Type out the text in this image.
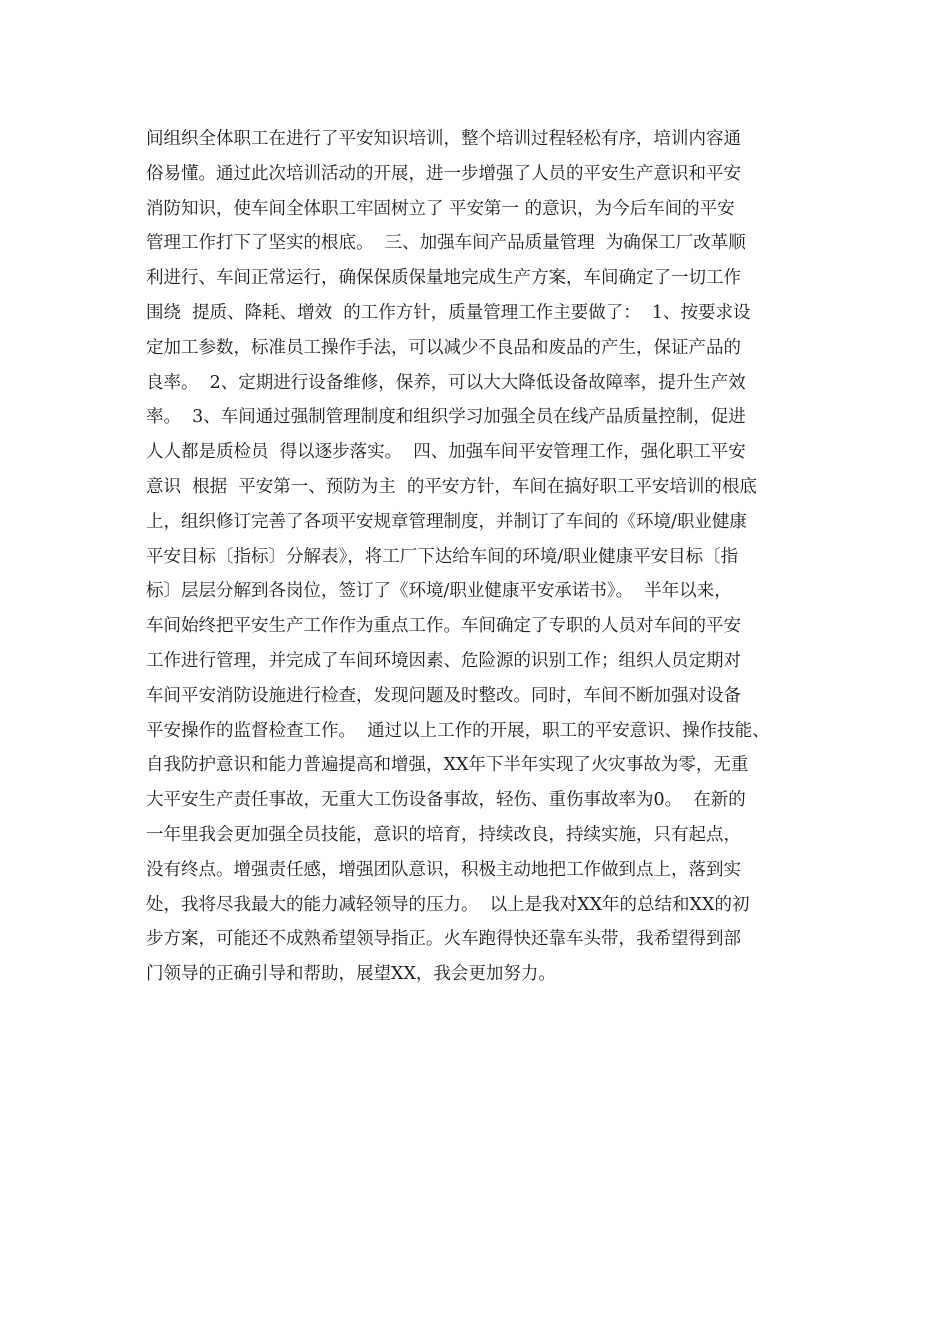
间组织全体职工在进行了平安知识培训，整个培训过程轻松有序，培训内容通
俗易懂。通过此次培训活动的开展，进一步增强了人员的平安生产意识和平安
消防知识，使车间全体职工牢固树立了 平安第一 的意识，为今后车间的平安
管理工作打下了坚实的根底。  三、加强车间产品质量管理  为确保工厂改革顺
利进行、车间正常运行，确保保质保量地完成生产方案，车间确定了一切工作
围绕  提质、降耗、增效  的工作方针，质量管理工作主要做了：  1、按要求设
定加工参数，标准员工操作手法，可以减少不良品和废品的产生，保证产品的
良率。  2、定期进行设备维修，保养，可以大大降低设备故障率，提升生产效
率。  3、车间通过强制管理制度和组织学习加强全员在线产品质量控制，促进
人人都是质检员  得以逐步落实。  四、加强车间平安管理工作，强化职工平安
意识  根据  平安第一、预防为主  的平安方针，车间在搞好职工平安培训的根底
上，组织修订完善了各项平安规章管理制度，并制订了车间的《环境/职业健康
平安目标〔指标〕分解表》，将工厂下达给车间的环境/职业健康平安目标〔指
标〕层层分解到各岗位，签订了《环境/职业健康平安承诺书》。  半年以来，
车间始终把平安生产工作作为重点工作。车间确定了专职的人员对车间的平安
工作进行管理，并完成了车间环境因素、危险源的识别工作；组织人员定期对
车间平安消防设施进行检查，发现问题及时整改。同时，车间不断加强对设备
平安操作的监督检查工作。  通过以上工作的开展，职工的平安意识、操作技能、
自我防护意识和能力普遍提高和增强，XX年下半年实现了火灾事故为零，无重
大平安生产责任事故，无重大工伤设备事故，轻伤、重伤事故率为0。  在新的
一年里我会更加强全员技能，意识的培育，持续改良，持续实施，只有起点，
没有终点。增强责任感，增强团队意识，积极主动地把工作做到点上，落到实
处，我将尽我最大的能力减轻领导的压力。  以上是我对XX年的总结和XX的初
步方案，可能还不成熟希望领导指正。火车跑得快还靠车头带，我希望得到部
门领导的正确引导和帮助，展望XX，我会更加努力。
